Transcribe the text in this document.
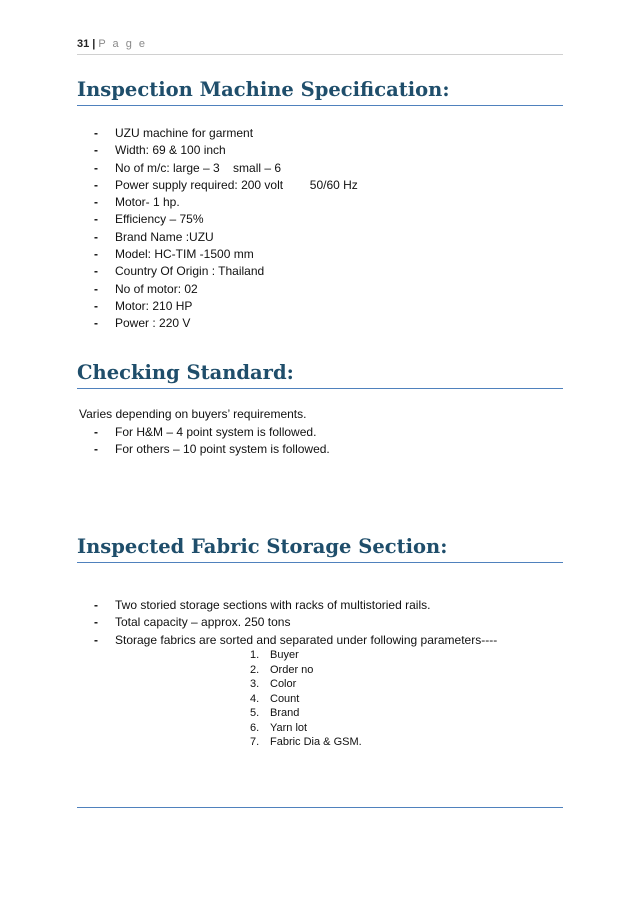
31 | P a g e
Inspection Machine Specification:
- UZU machine for garment
- Width: 69 & 100 inch
- No of m/c: large – 3    small – 6
- Power supply required: 200 volt        50/60 Hz
- Motor- 1 hp.
- Efficiency – 75%
- Brand Name :UZU
- Model: HC-TIM -1500 mm
- Country Of Origin : Thailand
- No of motor: 02
- Motor: 210 HP
- Power : 220 V
Checking Standard:
Varies depending on buyers’ requirements.
- For H&M – 4 point system is followed.
- For others – 10 point system is followed.
Inspected Fabric Storage Section:
- Two storied storage sections with racks of multistoried rails.
- Total capacity – approx. 250 tons
- Storage fabrics are sorted and separated under following parameters----
1. Buyer
2. Order no
3. Color
4. Count
5. Brand
6. Yarn lot
7. Fabric Dia & GSM.
